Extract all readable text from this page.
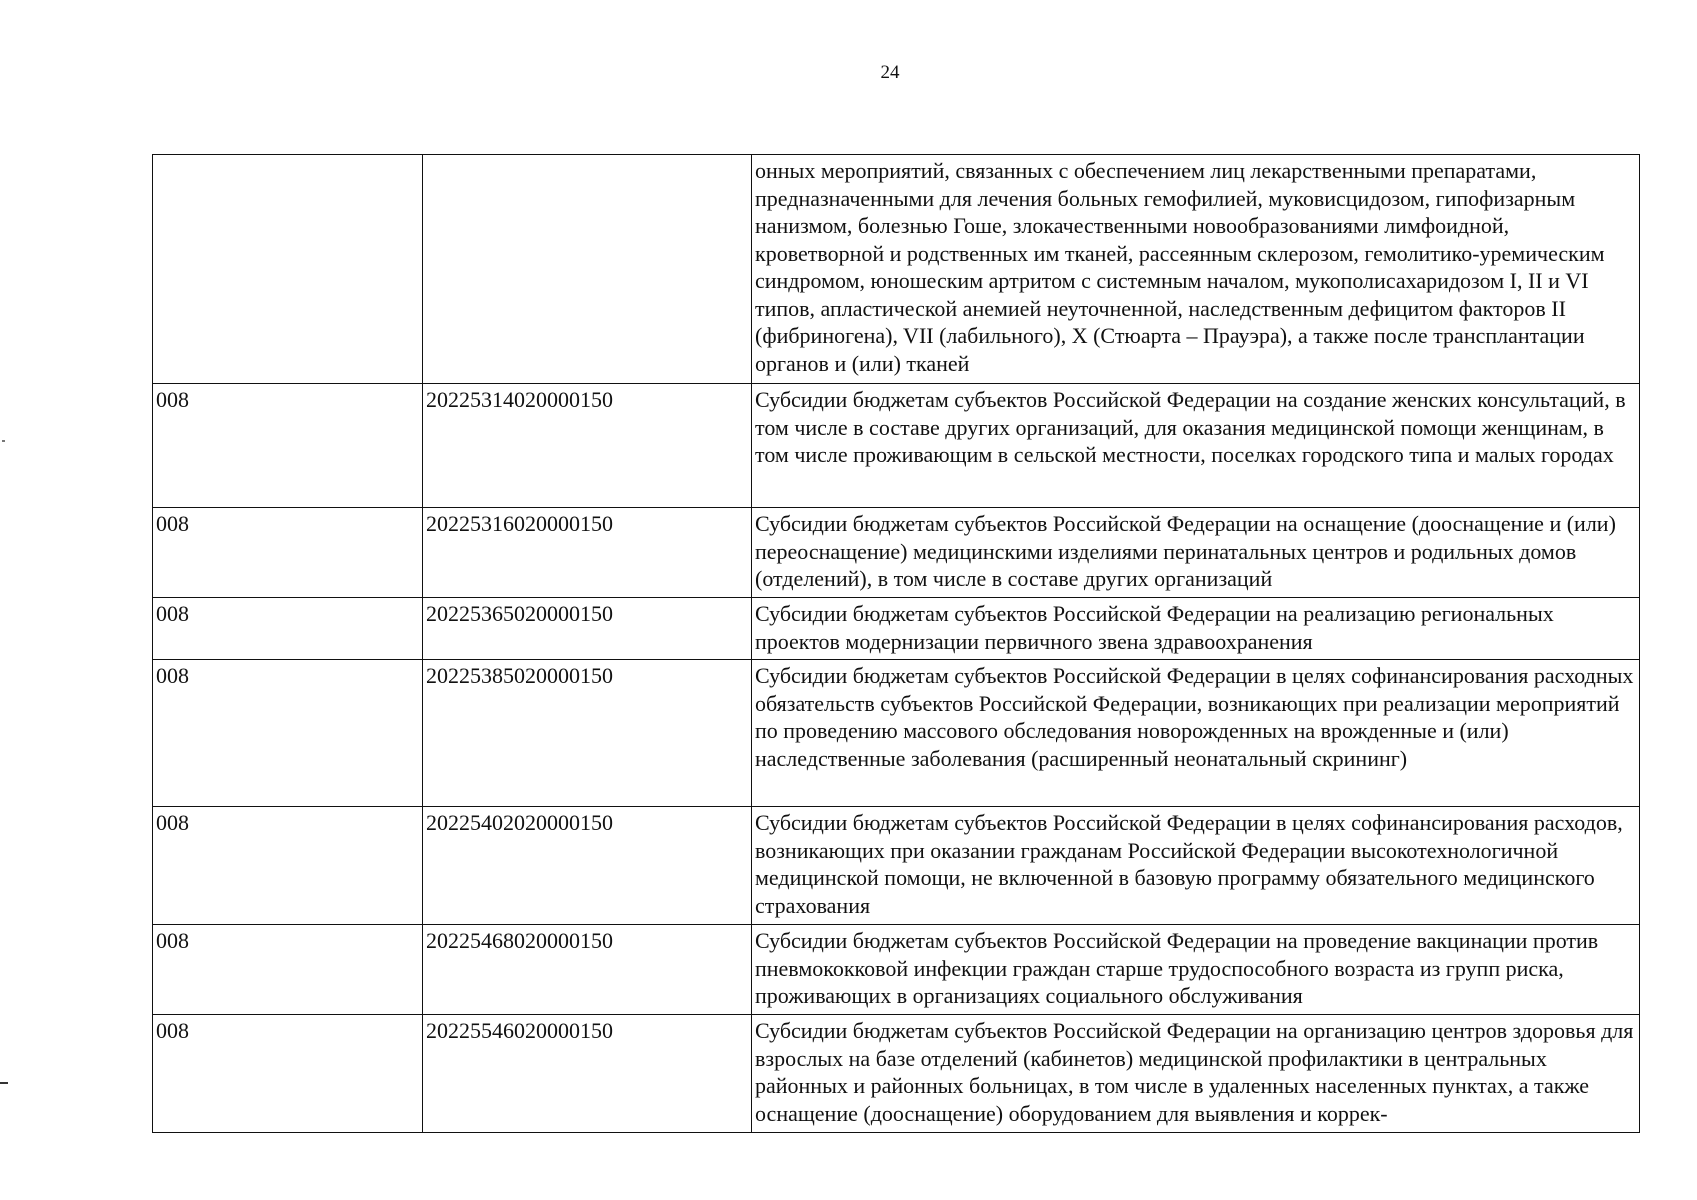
24
		онных мероприятий, связанных с обеспечением лиц лекарственными препаратами, предназначенными для лечения больных гемофилией, муковисцидозом, гипофизарным нанизмом, болезнью Гоше, злокачественными новообразованиями лимфоидной, кроветворной и родственных им тканей, рассеянным склерозом, гемолитико-уремическим синдромом, юношеским артритом с системным началом, мукополисахаридозом I, II и VI типов, апластической анемией неуточненной, наследственным дефицитом факторов II (фибриногена), VII (лабильного), X (Стюарта – Прауэра), а также после трансплантации органов и (или) тканей
008	20225314020000150	Субсидии бюджетам субъектов Российской Федерации на создание женских консультаций, в том числе в составе других организаций, для оказания медицинской помощи женщинам, в том числе проживающим в сельской местности, поселках городского типа и малых городах
008	20225316020000150	Субсидии бюджетам субъектов Российской Федерации на оснащение (дооснащение и (или) переоснащение) медицинскими изделиями перинатальных центров и родильных домов (отделений), в том числе в составе других организаций
008	20225365020000150	Субсидии бюджетам субъектов Российской Федерации на реализацию региональных проектов модернизации первичного звена здравоохранения
008	20225385020000150	Субсидии бюджетам субъектов Российской Федерации в целях софинансирования расходных обязательств субъектов Российской Федерации, возникающих при реализации мероприятий по проведению массового обследования новорожденных на врожденные и (или) наследственные заболевания (расширенный неонатальный скрининг)
008	20225402020000150	Субсидии бюджетам субъектов Российской Федерации в целях софинансирования расходов, возникающих при оказании гражданам Российской Федерации высокотехнологичной медицинской помощи, не включенной в базовую программу обязательного медицинского страхования
008	20225468020000150	Субсидии бюджетам субъектов Российской Федерации на проведение вакцинации против пневмококковой инфекции граждан старше трудоспособного возраста из групп риска, проживающих в организациях социального обслуживания
008	20225546020000150	Субсидии бюджетам субъектов Российской Федерации на организацию центров здоровья для взрослых на базе отделений (кабинетов) медицинской профилактики в центральных районных и районных больницах, в том числе в удаленных населенных пунктах, а также оснащение (дооснащение) оборудованием для выявления и коррек-
